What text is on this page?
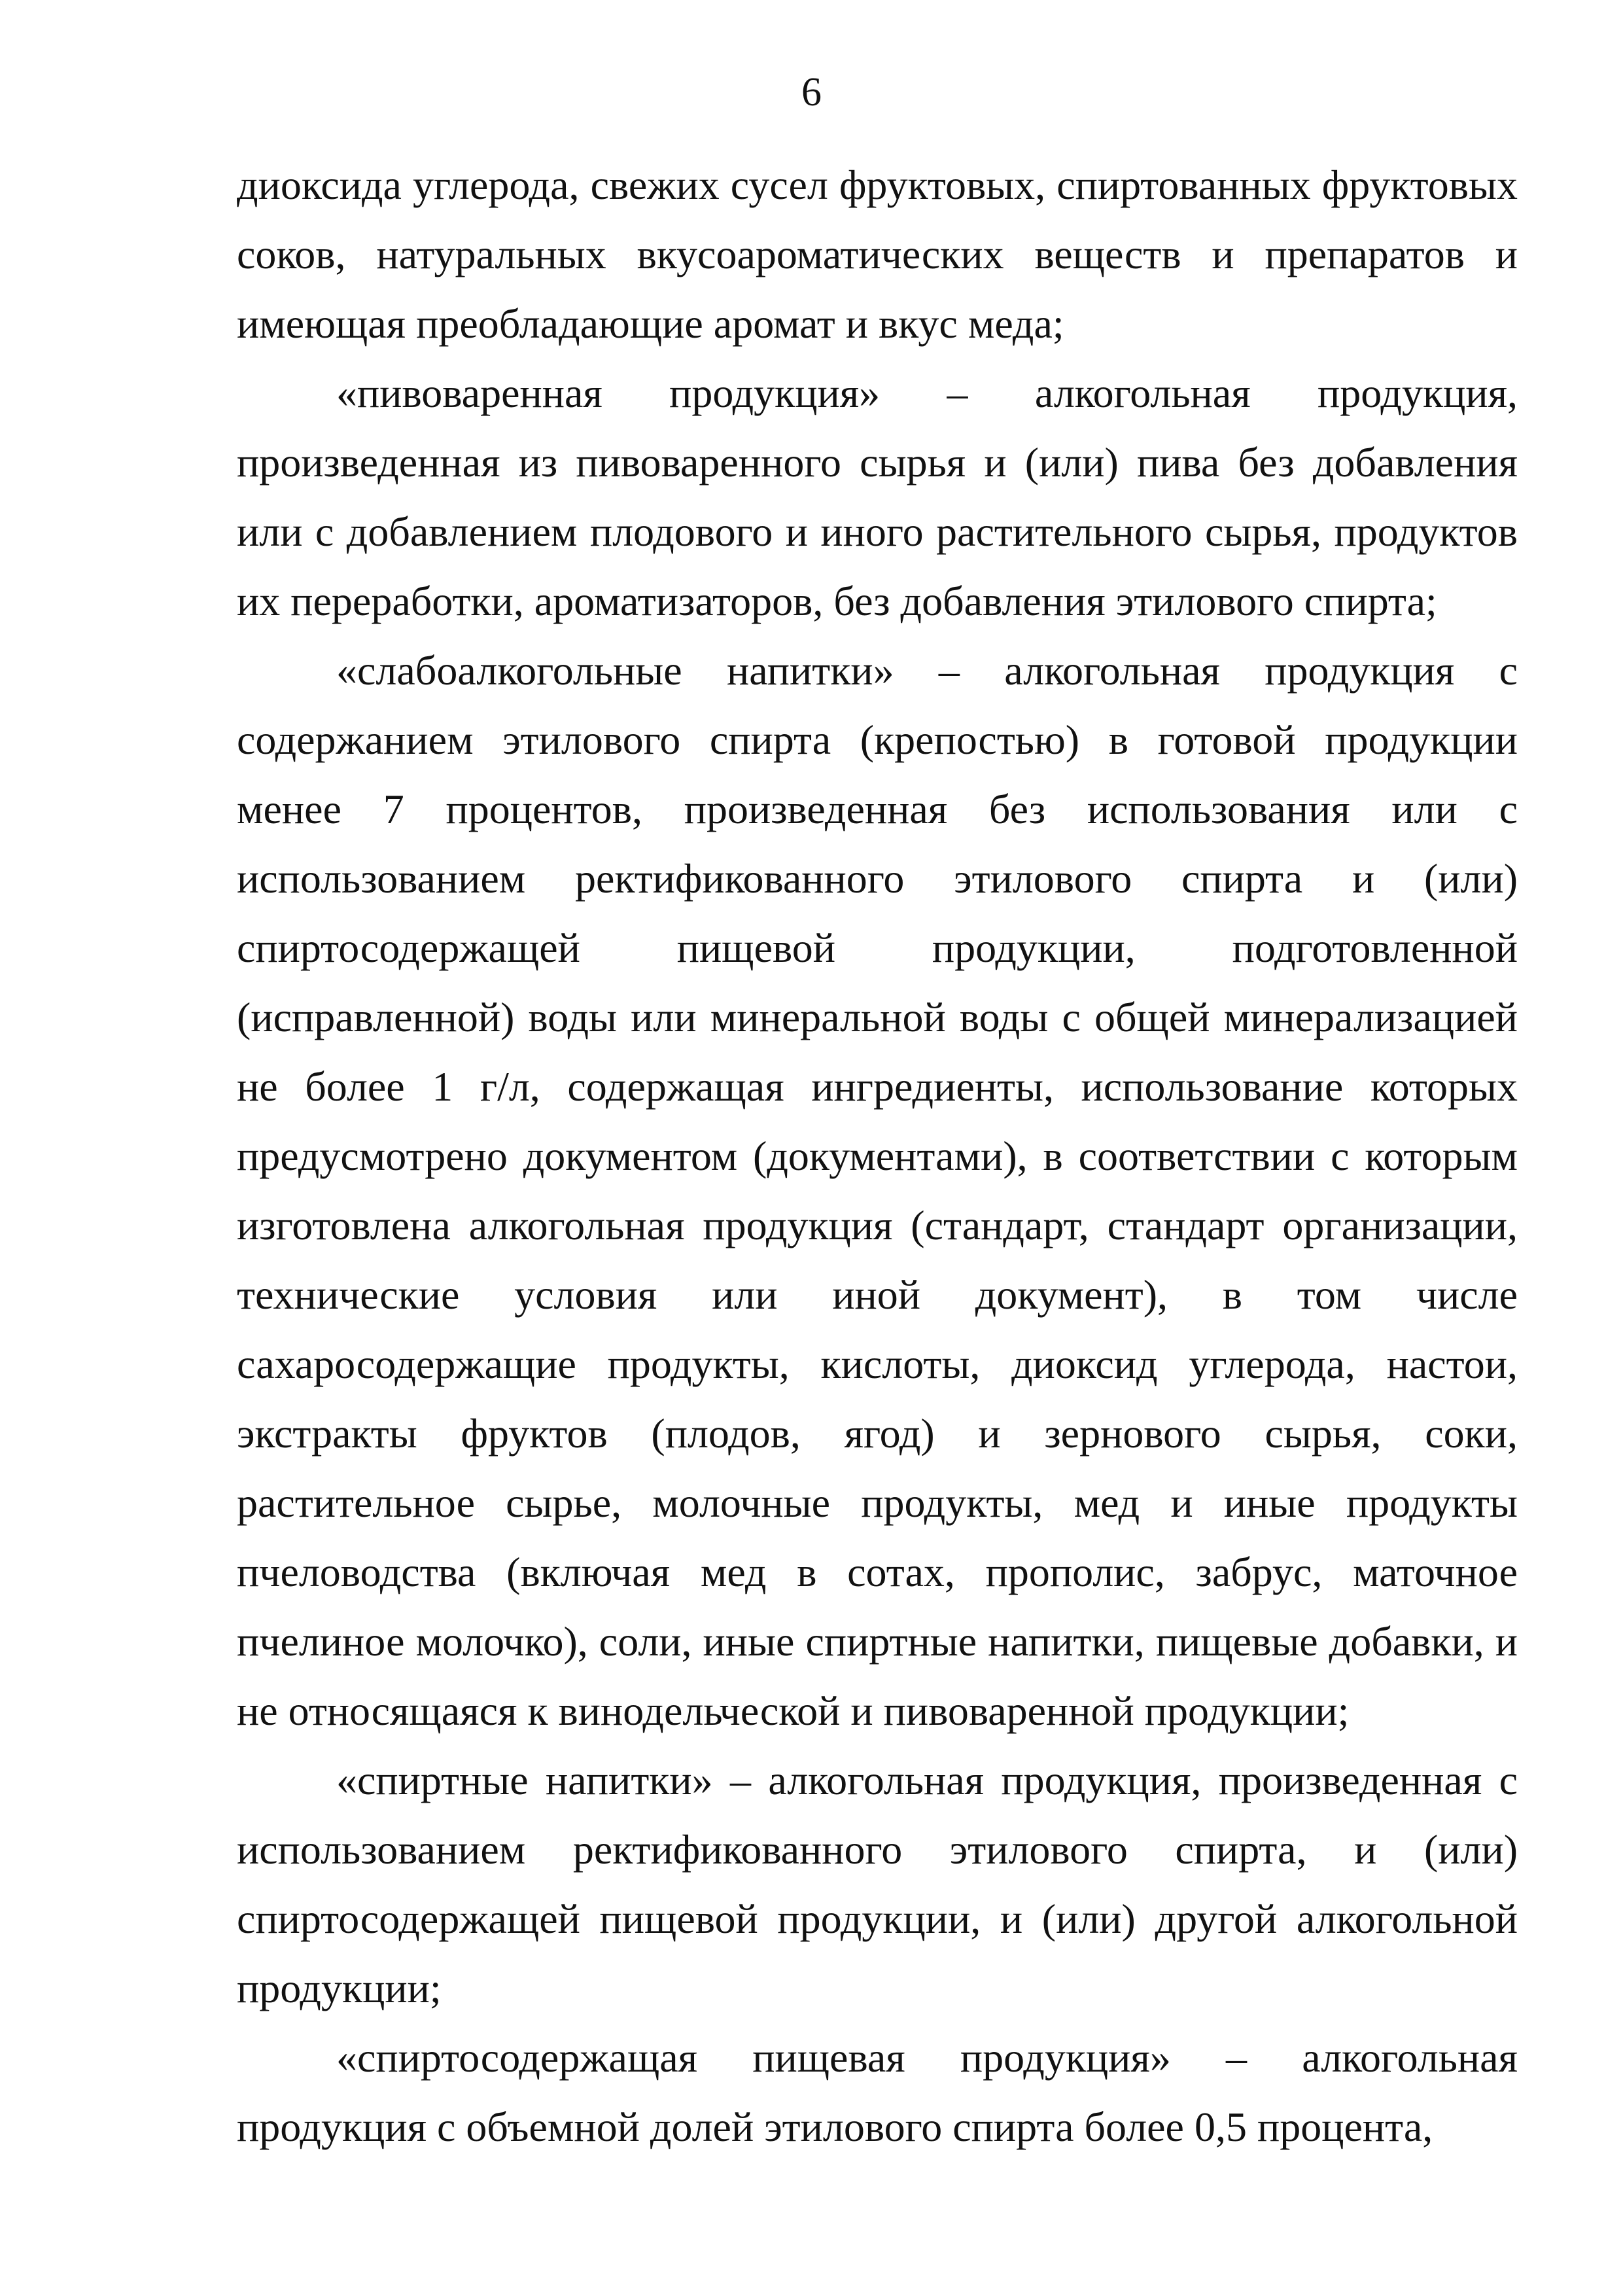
6

диоксида углерода, свежих сусел фруктовых, спиртованных фруктовых соков, натуральных вкусоароматических веществ и препаратов и имеющая преобладающие аромат и вкус меда;

«пивоваренная продукция» – алкогольная продукция, произведенная из пивоваренного сырья и (или) пива без добавления или с добавлением плодового и иного растительного сырья, продуктов их переработки, ароматизаторов, без добавления этилового спирта;

«слабоалкогольные напитки» – алкогольная продукция с содержанием этилового спирта (крепостью) в готовой продукции менее 7 процентов, произведенная без использования или с использованием ректификованного этилового спирта и (или) спиртосодержащей пищевой продукции, подготовленной (исправленной) воды или минеральной воды с общей минерализацией не более 1 г/л, содержащая ингредиенты, использование которых предусмотрено документом (документами), в соответствии с которым изготовлена алкогольная продукция (стандарт, стандарт организации, технические условия или иной документ), в том числе сахаросодержащие продукты, кислоты, диоксид углерода, настои, экстракты фруктов (плодов, ягод) и зернового сырья, соки, растительное сырье, молочные продукты, мед и иные продукты пчеловодства (включая мед в сотах, прополис, забрус, маточное пчелиное молочко), соли, иные спиртные напитки, пищевые добавки, и не относящаяся к винодельческой и пивоваренной продукции;

«спиртные напитки» – алкогольная продукция, произведенная с использованием ректификованного этилового спирта, и (или) спиртосодержащей пищевой продукции, и (или) другой алкогольной продукции;

«спиртосодержащая пищевая продукция» – алкогольная продукция с объемной долей этилового спирта более 0,5 процента,
